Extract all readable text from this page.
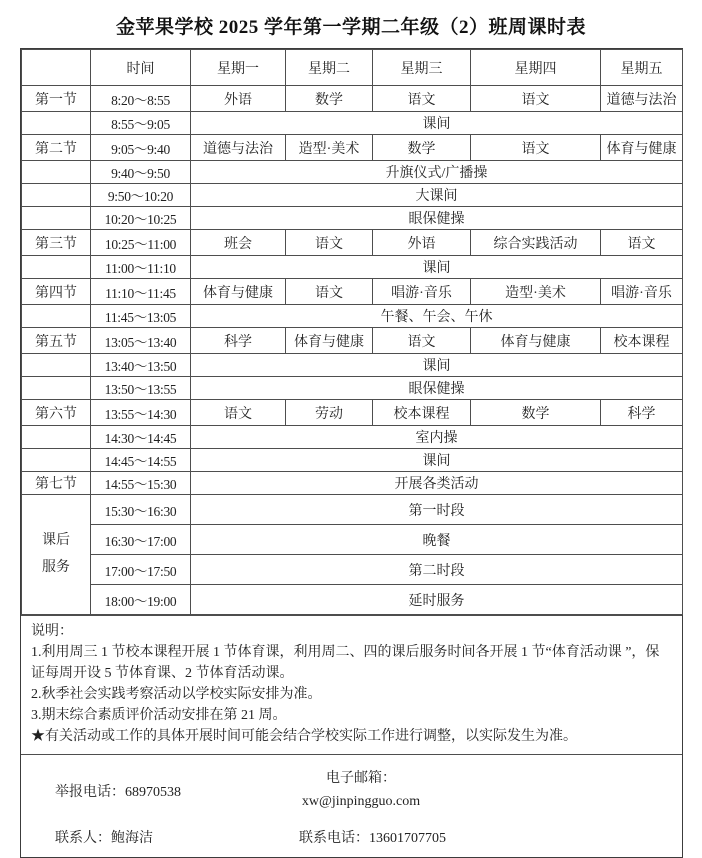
金苹果学校 2025 学年第一学期二年级（2）班周课时表
	时间	星期一	星期二	星期三	星期四	星期五
第一节	8:20～8:55	外语	数学	语文	语文	道德与法治
	8:55～9:05	课间				
第二节	9:05～9:40	道德与法治	造型·美术	数学	语文	体育与健康
	9:40～9:50	升旗仪式/广播操				
	9:50～10:20	大课间				
	10:20～10:25	眼保健操				
第三节	10:25～11:00	班会	语文	外语	综合实践活动	语文
	11:00～11:10	课间				
第四节	11:10～11:45	体育与健康	语文	唱游·音乐	造型·美术	唱游·音乐
	11:45～13:05	午餐、午会、午休				
第五节	13:05～13:40	科学	体育与健康	语文	体育与健康	校本课程
	13:40～13:50	课间				
	13:50～13:55	眼保健操				
第六节	13:55～14:30	语文	劳动	校本课程	数学	科学
	14:30～14:45	室内操				
	14:45～14:55	课间				
第七节	14:55～15:30	开展各类活动				
课后服务	15:30～16:30	第一时段				
	16:30～17:00	晚餐				
	17:00～17:50	第二时段				
	18:00～19:00	延时服务				
说明：
1.利用周三 1 节校本课程开展 1 节体育课，利用周二、四的课后服务时间各开展 1 节“体育活动课 ”，保证每周开设 5 节体育课、2 节体育活动课。
2.秋季社会实践考察活动以学校实际安排为准。
3.期末综合素质评价活动安排在第 21 周。
★有关活动或工作的具体开展时间可能会结合学校实际工作进行调整，以实际发生为准。
举报电话：68970538
电子邮箱：
xw@jinpingguo.com
联系人：鲍海洁	联系电话：13601707705
